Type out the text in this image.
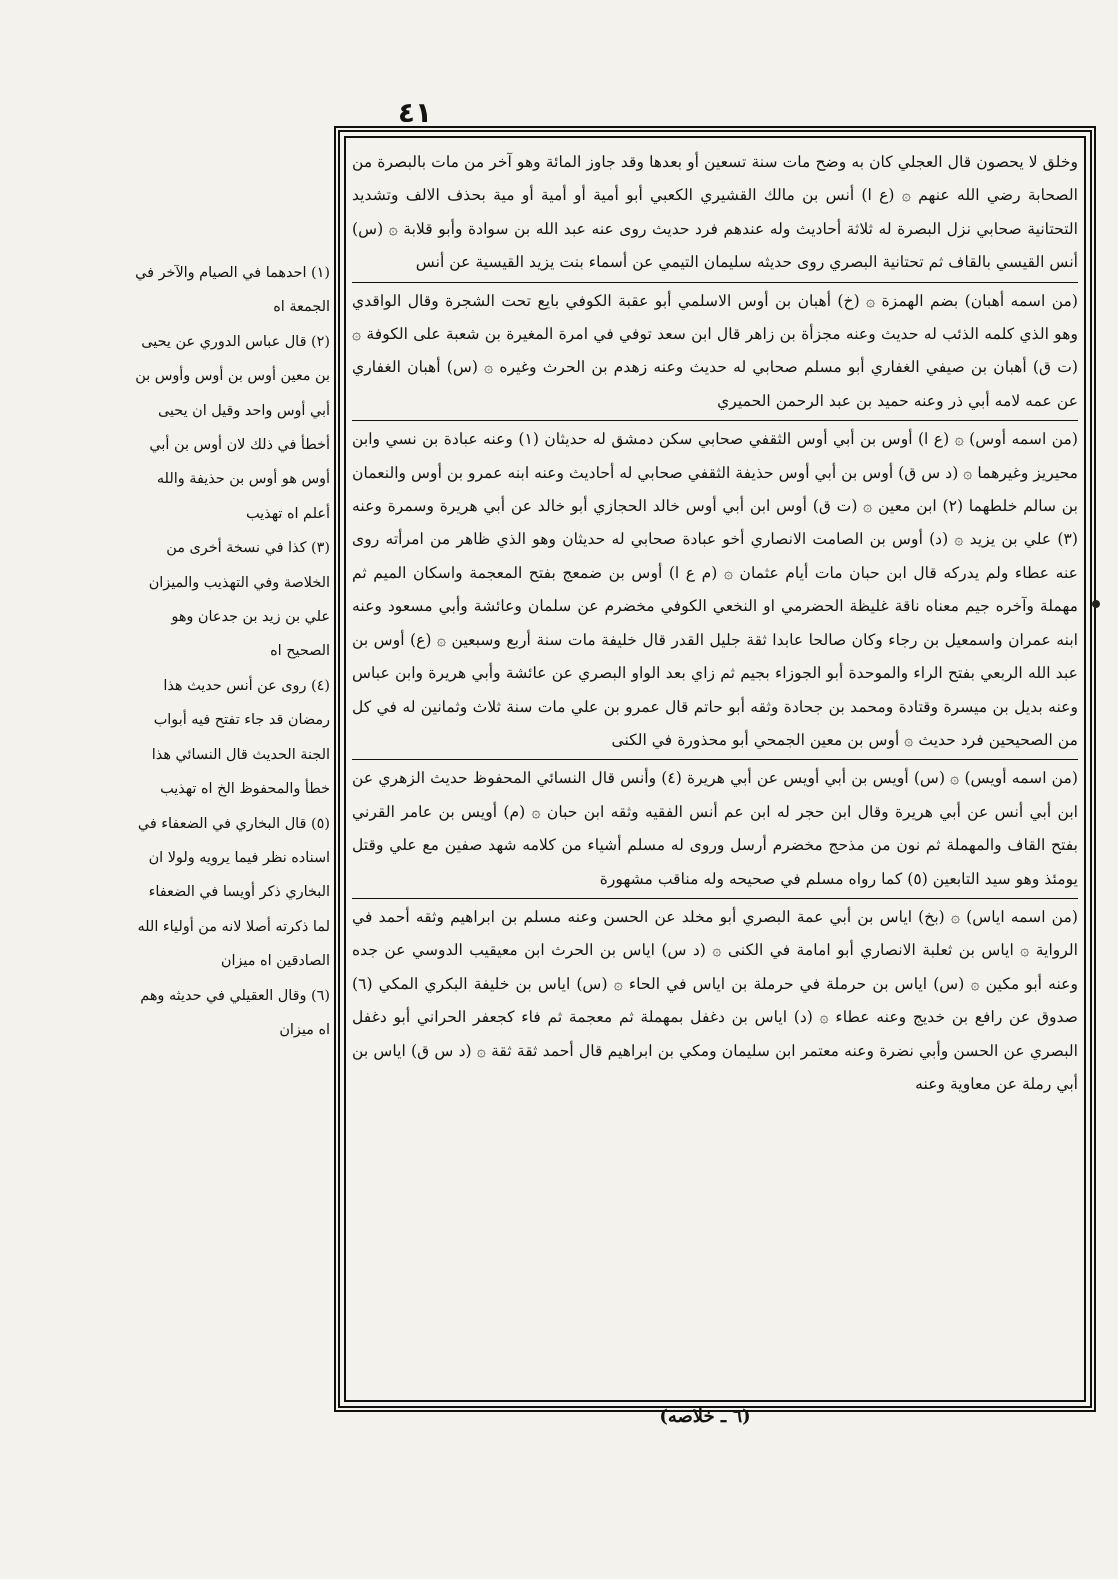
٤١

وخلق لا يحصون قال العجلي كان به وضح مات سنة تسعين أو بعدها وقد جاوز المائة وهو آخر من مات بالبصرة من الصحابة رضي الله عنهم ۞ (ع ا) أنس بن مالك القشيري الكعبي أبو أمية أو أمية أو مية بحذف الالف وتشديد التحتانية صحابي نزل البصرة له ثلاثة أحاديث وله عندهم فرد حديث روى عنه عبد الله بن سوادة وأبو قلابة ۞ (س) أنس القيسي بالقاف ثم تحتانية البصري روى حديثه سليمان التيمي عن أسماء بنت يزيد القيسية عن أنس

(من اسمه أهبان) بضم الهمزة ۞ (خ) أهبان بن أوس الاسلمي أبو عقبة الكوفي بايع تحت الشجرة وقال الواقدي وهو الذي كلمه الذئب له حديث وعنه مجزأة بن زاهر قال ابن سعد توفي في امرة المغيرة بن شعبة على الكوفة ۞ (ت ق) أهبان بن صيفي الغفاري أبو مسلم صحابي له حديث وعنه زهدم بن الحرث وغيره ۞ (س) أهبان الغفاري عن عمه لامه أبي ذر وعنه حميد بن عبد الرحمن الحميري

(من اسمه أوس) ۞ (ع ا) أوس بن أبي أوس الثقفي صحابي سكن دمشق له حديثان (١) وعنه عبادة بن نسي وابن محيريز وغيرهما ۞ (د س ق) أوس بن أبي أوس حذيفة الثقفي صحابي له أحاديث وعنه ابنه عمرو بن أوس والنعمان بن سالم خلطهما (٢) ابن معين ۞ (ت ق) أوس ابن أبي أوس خالد الحجازي أبو خالد عن أبي هريرة وسمرة وعنه (٣) علي بن يزيد ۞ (د) أوس بن الصامت الانصاري أخو عبادة صحابي له حديثان وهو الذي ظاهر من امرأته روى عنه عطاء ولم يدركه قال ابن حبان مات أيام عثمان ۞ (م ع ا) أوس بن ضمعج بفتح المعجمة واسكان الميم ثم مهملة وآخره جيم معناه ناقة غليظة الحضرمي او النخعي الكوفي مخضرم عن سلمان وعائشة وأبي مسعود وعنه ابنه عمران واسمعيل بن رجاء وكان صالحا عابدا ثقة جليل القدر قال خليفة مات سنة أربع وسبعين ۞ (ع) أوس بن عبد الله الربعي بفتح الراء والموحدة أبو الجوزاء بجيم ثم زاي بعد الواو البصري عن عائشة وأبي هريرة وابن عباس وعنه بديل بن ميسرة وقتادة ومحمد بن جحادة وثقه أبو حاتم قال عمرو بن علي مات سنة ثلاث وثمانين له في كل من الصحيحين فرد حديث ۞ أوس بن معين الجمحي أبو محذورة في الكنى

(من اسمه أويس) ۞ (س) أويس بن أبي أويس عن أبي هريرة (٤) وأنس قال النسائي المحفوظ حديث الزهري عن ابن أبي أنس عن أبي هريرة وقال ابن حجر له ابن عم أنس الفقيه وثقه ابن حبان ۞ (م) أويس بن عامر القرني بفتح القاف والمهملة ثم نون من مذحج مخضرم أرسل وروى له مسلم أشياء من كلامه شهد صفين مع علي وقتل يومئذ وهو سيد التابعين (٥) كما رواه مسلم في صحيحه وله مناقب مشهورة

(من اسمه اياس) ۞ (بخ) اياس بن أبي عمة البصري أبو مخلد عن الحسن وعنه مسلم بن ابراهيم وثقه أحمد في الرواية ۞ اياس بن ثعلبة الانصاري أبو امامة في الكنى ۞ (د س) اياس بن الحرث ابن معيقيب الدوسي عن جده وعنه أبو مكين ۞ (س) اياس بن حرملة في حرملة بن اياس في الحاء ۞ (س) اياس بن خليفة البكري المكي (٦) صدوق عن رافع بن خديج وعنه عطاء ۞ (د) اياس بن دغفل بمهملة ثم معجمة ثم فاء كجعفر الحراني أبو دغفل البصري عن الحسن وأبي نضرة وعنه معتمر ابن سليمان ومكي بن ابراهيم قال أحمد ثقة ثقة ۞ (د س ق) اياس بن أبي رملة عن معاوية وعنه

(١) احدهما في الصيام والآخر في الجمعة اه

(٢) قال عباس الدوري عن يحيى بن معين أوس بن أوس وأوس بن أبي أوس واحد وقيل ان يحيى أخطأ في ذلك لان أوس بن أبي أوس هو أوس بن حذيفة والله أعلم اه تهذيب

(٣) كذا في نسخة أخرى من الخلاصة وفي التهذيب والميزان علي بن زيد بن جدعان وهو الصحيح اه

(٤) روى عن أنس حديث هذا رمضان قد جاء تفتح فيه أبواب الجنة الحديث قال النسائي هذا خطأ والمحفوظ الخ اه تهذيب

(٥) قال البخاري في الضعفاء في اسناده نظر فيما يرويه ولولا ان البخاري ذكر أويسا في الضعفاء لما ذكرته أصلا لانه من أولياء الله الصادقين اه ميزان

(٦) وقال العقيلي في حديثه وهم اه ميزان

(٦ ـ خلاصه)
